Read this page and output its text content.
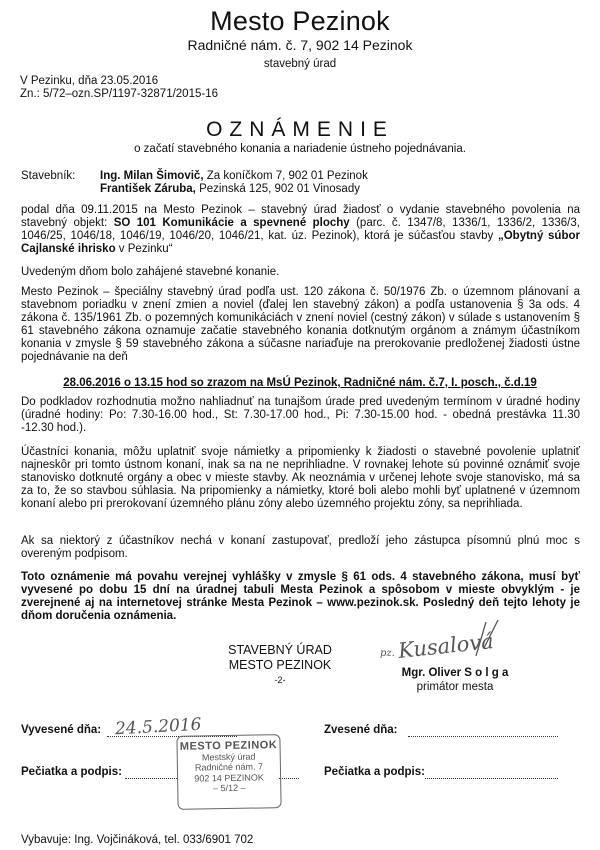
Mesto Pezinok
Radničné nám. č. 7, 902 14 Pezinok
stavebný úrad
V Pezinku, dňa 23.05.2016
Zn.: 5/72–ozn.SP/1197-32871/2015-16
OZNÁMENIE
o začatí stavebného konania a nariadenie ústneho pojednávania.
Stavebník: Ing. Milan Šimovič, Za koníčkom 7, 902 01 Pezinok
František Záruba, Pezinská 125, 902 01 Vinosady
podal dňa 09.11.2015 na Mesto Pezinok – stavebný úrad žiadosť o vydanie stavebného povolenia na stavebný objekt: SO 101 Komunikácie a spevnené plochy (parc. č. 1347/8, 1336/1, 1336/2, 1336/3, 1046/25, 1046/18, 1046/19, 1046/20, 1046/21, kat. úz. Pezinok), ktorá je súčasťou stavby „Obytný súbor Cajlanské ihrisko v Pezinku“
Uvedeným dňom bolo zahájené stavebné konanie.
Mesto Pezinok – špeciálny stavebný úrad podľa ust. 120 zákona č. 50/1976 Zb. o územnom plánovaní a stavebnom poriadku v znení zmien a noviel (ďalej len stavebný zákon) a podľa ustanovenia § 3a ods. 4 zákona č. 135/1961 Zb. o pozemných komunikáciách v znení noviel (cestný zákon) v súlade s ustanovením § 61 stavebného zákona oznamuje začatie stavebného konania dotknutým orgánom a známym účastníkom konania v zmysle § 59 stavebného zákona a súčasne nariaďuje na prerokovanie predloženej žiadosti ústne pojednávanie na deň
28.06.2016 o 13.15 hod so zrazom na MsÚ Pezinok, Radničné nám. č.7, I. posch., č.d.19
Do podkladov rozhodnutia možno nahliadnuť na tunajšom úrade pred uvedeným termínom v úradné hodiny (úradné hodiny: Po: 7.30-16.00 hod., St: 7.30-17.00 hod., Pi: 7.30-15.00 hod. - obedná prestávka 11.30 -12.30 hod.).
Účastníci konania, môžu uplatniť svoje námietky a pripomienky k žiadosti o stavebné povolenie uplatniť najneskôr pri tomto ústnom konaní, inak sa na ne neprihliadne. V rovnakej lehote sú povinné oznámiť svoje stanovisko dotknuté orgány a obec v mieste stavby. Ak neoznámia v určenej lehote svoje stanovisko, má sa za to, že so stavbou súhlasia. Na pripomienky a námietky, ktoré boli alebo mohli byť uplatnené v územnom konaní alebo pri prerokovaní územného plánu zóny alebo územného projektu zóny, sa neprihliada.
Ak sa niektorý z účastníkov nechá v konaní zastupovať, predloží jeho zástupca písomnú plnú moc s overeným podpisom.
Toto oznámenie má povahu verejnej vyhlášky v zmysle § 61 ods. 4 stavebného zákona, musí byť vyvesené po dobu 15 dní na úradnej tabuli Mesta Pezinok a spôsobom v mieste obvyklým - je zverejnené aj na internetovej stránke Mesta Pezinok – www.pezinok.sk. Posledný deň tejto lehoty je dňom doručenia oznámenia.
STAVEBNÝ ÚRAD
MESTO PEZINOK
-2-
pz. Kusalová
Mgr. Oliver S o l g a
primátor mesta
Vyvesené dňa: 24.5.2016	Zvesené dňa:
Pečiatka a podpis:
MESTO PEZINOK
Mestský úrad
Radničné nám. 7
902 14 PEZINOK
– 5/12 –
Pečiatka a podpis:
Vybavuje: Ing. Vojčináková, tel. 033/6901 702
